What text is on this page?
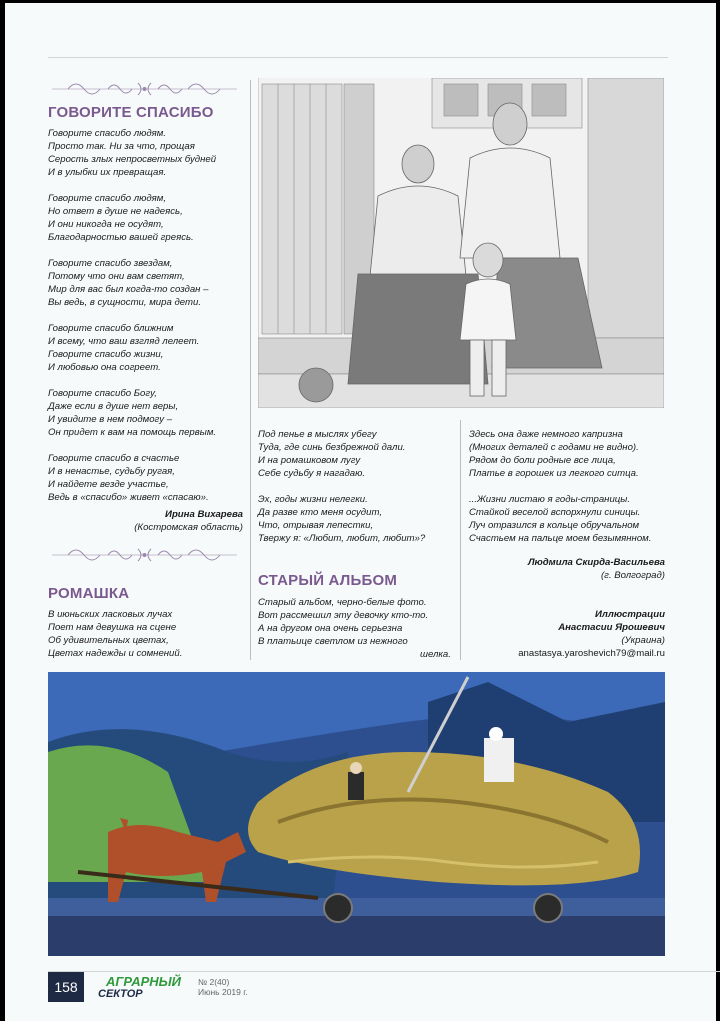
ГОВОРИТЕ СПАСИБО
Говорите спасибо людям.
Просто так. Ни за что, прощая
Серость злых непросветных будней
И в улыбки их превращая.
Говорите спасибо людям,
Но ответ в душе не надеясь,
И они никогда не осудят,
Благодарностью вашей греясь.
Говорите спасибо звездам,
Потому что они вам светят,
Мир для вас был когда-то создан –
Вы ведь, в сущности, мира дети.
Говорите спасибо ближним
И всему, что ваш взгляд лелеет.
Говорите спасибо жизни,
И любовью она согреет.
Говорите спасибо Богу,
Даже если в душе нет веры,
И увидите в нем подмогу –
Он придет к вам на помощь первым.
Говорите спасибо в счастье
И в ненастье, судьбу ругая,
И найдете везде участье,
Ведь в «спасибо» живет «спасаю».
Ирина Вихарева
(Костромская область)
РОМАШКА
В июньских ласковых лучах
Поет нам девушка на сцене
Об удивительных цветах,
Цветах надежды и сомнений.
Под пенье в мыслях убегу
Туда, где синь безбрежной дали.
И на ромашковом лугу
Себе судьбу я нагадаю.
Эх, годы жизни нелегки.
Да разве кто меня осудит,
Что, отрывая лепестки,
Твержу я: «Любит, любит, любит»?
СТАРЫЙ АЛЬБОМ
Старый альбом, черно-белые фото.
Вот рассмешил эту девочку кто-то.
А на другом она очень серьезна
В платьице светлом из нежного
шелка.
Здесь она даже немного капризна
(Многих деталей с годами не видно).
Рядом до боли родные все лица,
Платье в горошек из легкого ситца.
...Жизни листаю я годы-страницы.
Стайкой веселой вспорхнули синицы.
Луч отразился в кольце обручальном
Счастьем на пальце моем безымянном.
Людмила Скирда-Васильева
(г. Волгоград)
Иллюстрации
Анастасии Ярошевич
(Украина)
anastasya.yaroshevich79@mail.ru
158	АГРАРНЫЙ
СЕКТОР
№ 2(40)
Июнь 2019 г.
